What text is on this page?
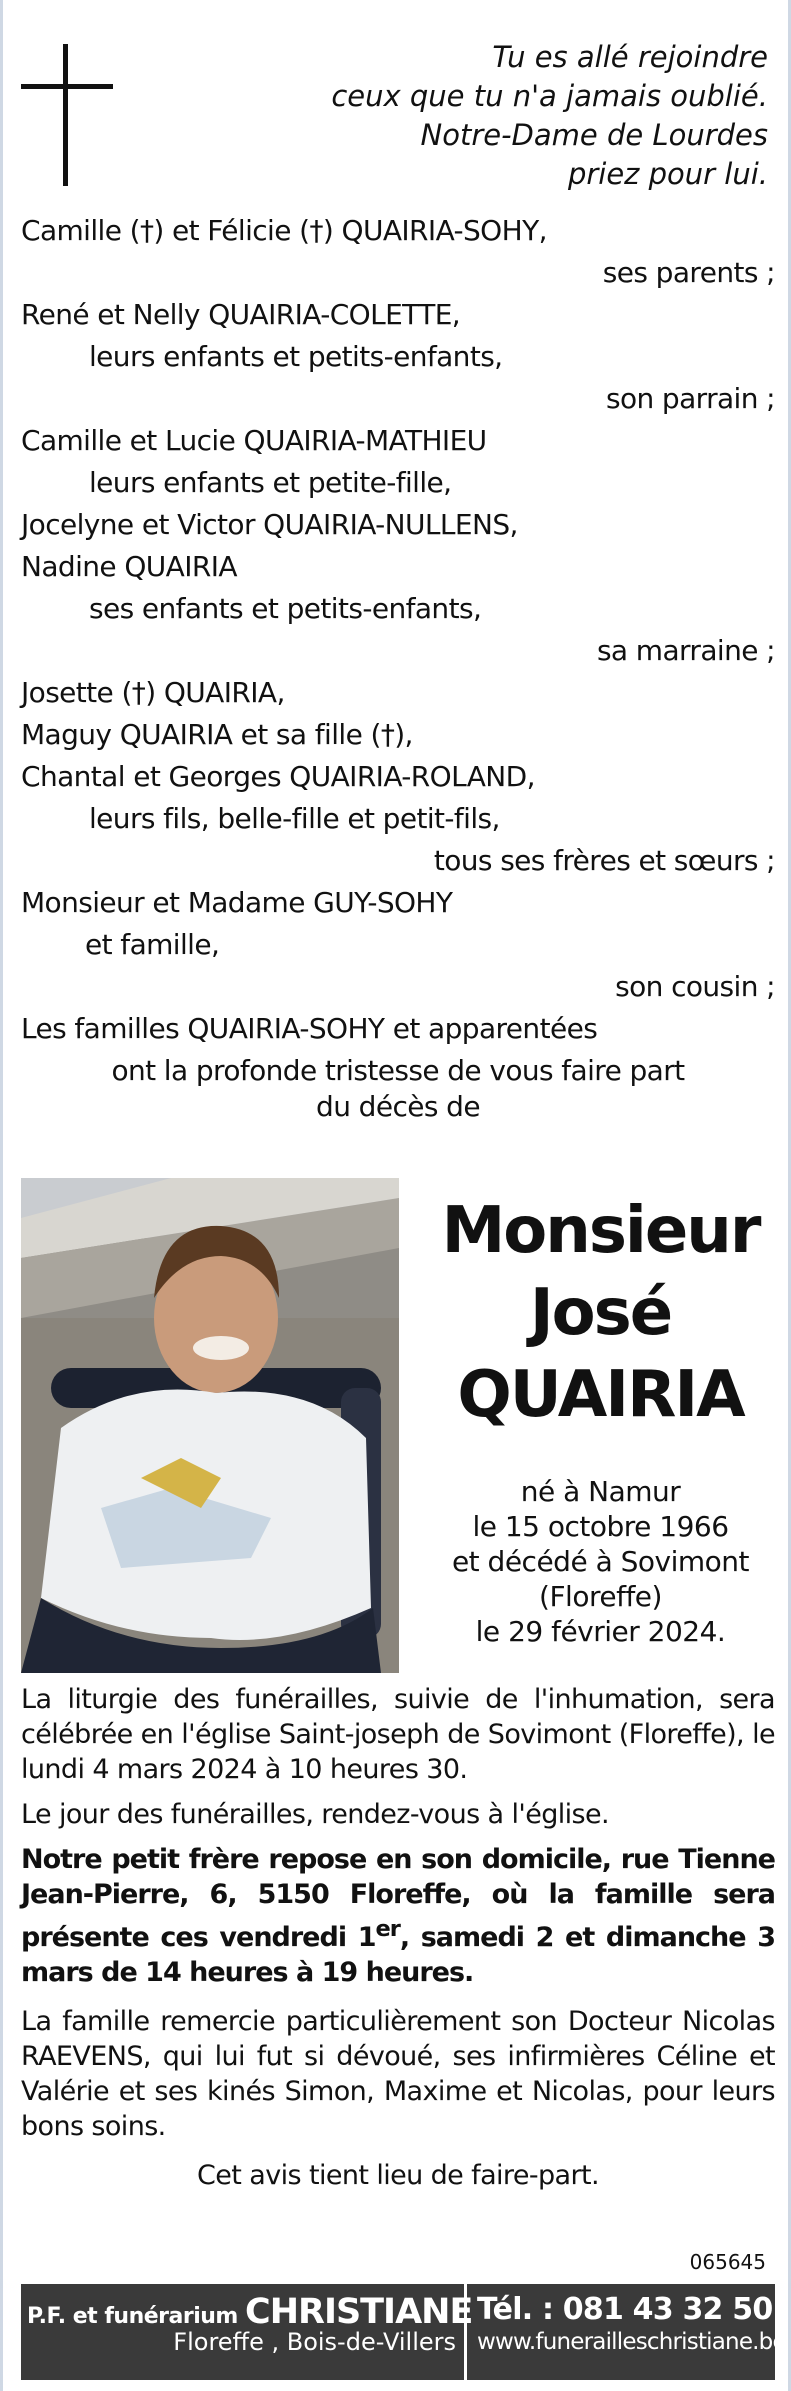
Tu es allé rejoindre
ceux que tu n'a jamais oublié.
Notre-Dame de Lourdes
priez pour lui.
Camille (†) et Félicie (†) QUAIRIA-SOHY,
ses parents ;
René et Nelly QUAIRIA-COLETTE,
leurs enfants et petits-enfants,
son parrain ;
Camille et Lucie QUAIRIA-MATHIEU
leurs enfants et petite-fille,
Jocelyne et Victor QUAIRIA-NULLENS,
Nadine QUAIRIA
ses enfants et petits-enfants,
sa marraine ;
Josette (†) QUAIRIA,
Maguy QUAIRIA et sa fille (†),
Chantal et Georges QUAIRIA-ROLAND,
leurs fils, belle-fille et petit-fils,
tous ses frères et sœurs ;
Monsieur et Madame GUY-SOHY
et famille,
son cousin ;
Les familles QUAIRIA-SOHY et apparentées
ont la profonde tristesse de vous faire part
du décès de
Monsieur
José
QUAIRIA
né à Namur
le 15 octobre 1966
et décédé à Sovimont
(Floreffe)
le 29 février 2024.

La liturgie des funérailles, suivie de l'inhumation, sera célébrée en l'église Saint-joseph de Sovimont (Floreffe), le lundi 4 mars 2024 à 10 heures 30.

Le jour des funérailles, rendez-vous à l'église.

Notre petit frère repose en son domicile, rue Tienne Jean-Pierre, 6, 5150 Floreffe, où la famille sera présente ces vendredi 1er, samedi 2 et dimanche 3 mars de 14 heures à 19 heures.

La famille remercie particulièrement son Docteur Nicolas RAEVENS, qui lui fut si dévoué, ses infirmières Céline et Valérie et ses kinés Simon, Maxime et Nicolas, pour leurs bons soins.

Cet avis tient lieu de faire-part.

065645
P.F. et funérarium CHRISTIANE
Floreffe , Bois-de-Villers
Tél. : 081 43 32 50
www.funerailleschristiane.be
